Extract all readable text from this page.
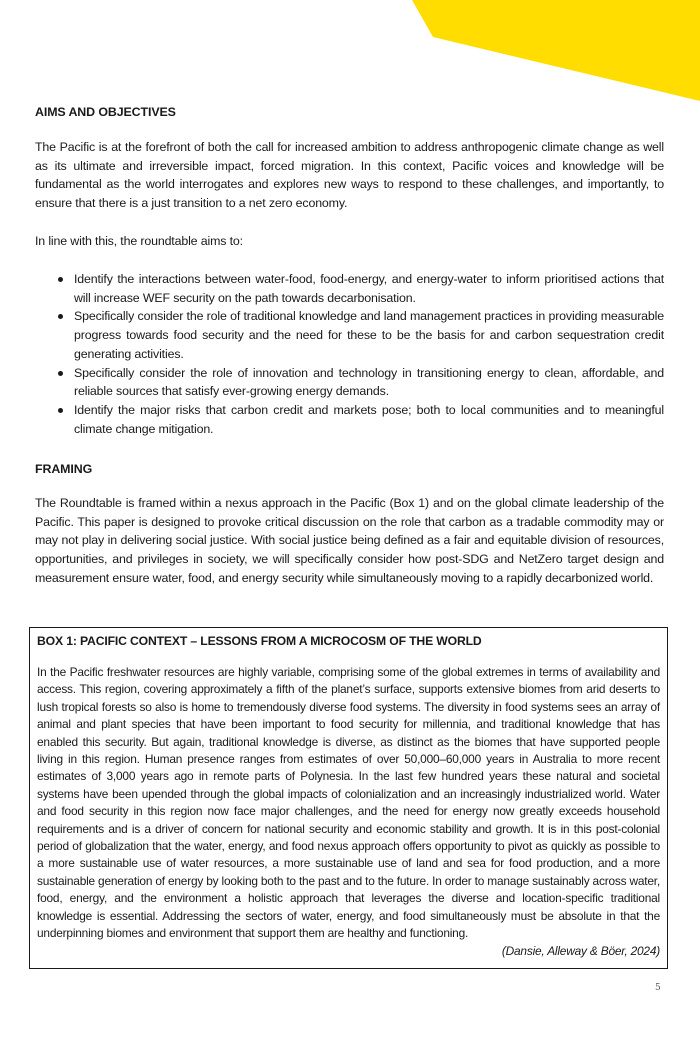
AIMS AND OBJECTIVES

The Pacific is at the forefront of both the call for increased ambition to address anthropogenic climate change as well as its ultimate and irreversible impact, forced migration. In this context, Pacific voices and knowledge will be fundamental as the world interrogates and explores new ways to respond to these challenges, and importantly, to ensure that there is a just transition to a net zero economy.

In line with this, the roundtable aims to:

Identify the interactions between water-food, food-energy, and energy-water to inform prioritised actions that will increase WEF security on the path towards decarbonisation.
Specifically consider the role of traditional knowledge and land management practices in providing measurable progress towards food security and the need for these to be the basis for and carbon sequestration credit generating activities.
Specifically consider the role of innovation and technology in transitioning energy to clean, affordable, and reliable sources that satisfy ever-growing energy demands.
Identify the major risks that carbon credit and markets pose; both to local communities and to meaningful climate change mitigation.
FRAMING

The Roundtable is framed within a nexus approach in the Pacific (Box 1) and on the global climate leadership of the Pacific. This paper is designed to provoke critical discussion on the role that carbon as a tradable commodity may or may not play in delivering social justice. With social justice being defined as a fair and equitable division of resources, opportunities, and privileges in society, we will specifically consider how post-SDG and NetZero target design and measurement ensure water, food, and energy security while simultaneously moving to a rapidly decarbonized world.

BOX 1: PACIFIC CONTEXT – LESSONS FROM A MICROCOSM OF THE WORLD

In the Pacific freshwater resources are highly variable, comprising some of the global extremes in terms of availability and access. This region, covering approximately a fifth of the planet’s surface, supports extensive biomes from arid deserts to lush tropical forests so also is home to tremendously diverse food systems. The diversity in food systems sees an array of animal and plant species that have been important to food security for millennia, and traditional knowledge that has enabled this security. But again, traditional knowledge is diverse, as distinct as the biomes that have supported people living in this region. Human presence ranges from estimates of over 50,000–60,000 years in Australia to more recent estimates of 3,000 years ago in remote parts of Polynesia. In the last few hundred years these natural and societal systems have been upended through the global impacts of colonialization and an increasingly industrialized world. Water and food security in this region now face major challenges, and the need for energy now greatly exceeds household requirements and is a driver of concern for national security and economic stability and growth. It is in this post-colonial period of globalization that the water, energy, and food nexus approach offers opportunity to pivot as quickly as possible to a more sustainable use of water resources, a more sustainable use of land and sea for food production, and a more sustainable generation of energy by looking both to the past and to the future. In order to manage sustainably across water, food, energy, and the environment a holistic approach that leverages the diverse and location-specific traditional knowledge is essential. Addressing the sectors of water, energy, and food simultaneously must be absolute in that the underpinning biomes and environment that support them are healthy and functioning.

(Dansie, Alleway & Böer, 2024)

5
